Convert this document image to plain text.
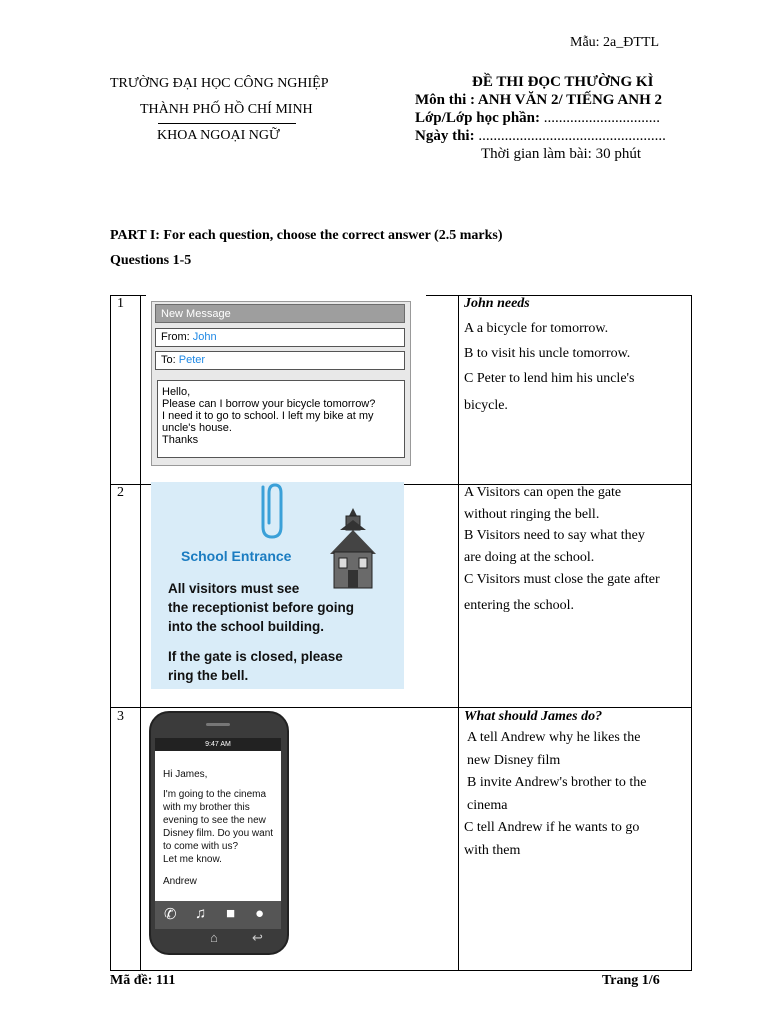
Mẫu: 2a_ĐTTL
TRƯỜNG ĐẠI HỌC CÔNG NGHIỆP
THÀNH PHỐ HỒ CHÍ MINH
KHOA NGOẠI NGỮ
ĐỀ THI ĐỌC THƯỜNG KÌ
Môn thi : ANH VĂN 2/ TIẾNG ANH 2
Lớp/Lớp học phần: ...............................
Ngày thi: ..................................................
Thời gian làm bài: 30 phút
PART I: For each question, choose the correct answer (2.5 marks)
Questions 1-5
1
New Message
From: John
To: Peter
Hello,
Please can I borrow your bicycle tomorrow?
I need it to go to school. I left my bike at my
uncle's house.
Thanks
John needs
A a bicycle for tomorrow.
B to visit his uncle tomorrow.
C Peter to lend him his uncle's
bicycle.
2
School Entrance
All visitors must see
the receptionist before going
into the school building.
If the gate is closed, please
ring the bell.
A Visitors can open the gate
without ringing the bell.
B Visitors need to say what they
are doing at the school.
C Visitors must close the gate after
entering the school.
3
9:47 AM
Hi James,
I'm going to the cinema
with my brother this
evening to see the new
Disney film. Do you want
to come with us?
Let me know.
Andrew
✆ ♫ ■ ●
⌂	↩
What should James do?
A tell Andrew why he likes the
new Disney film
B invite Andrew's brother to the
cinema
C tell Andrew if he wants to go
with them
Mã đề: 111	Trang 1/6
